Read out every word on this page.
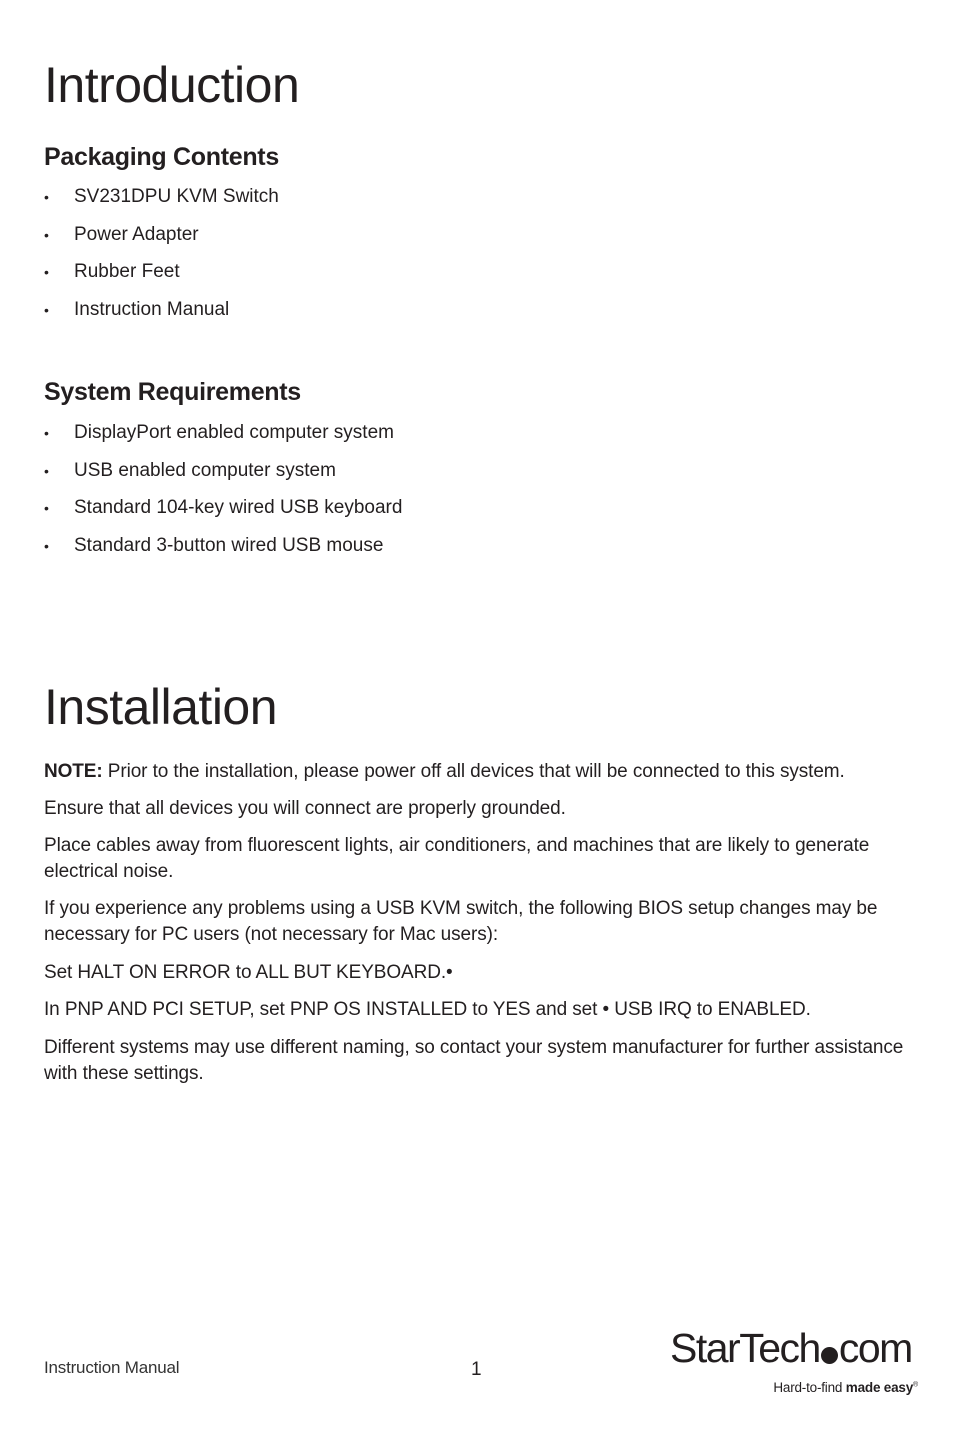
Introduction
Packaging Contents
• SV231DPU KVM Switch
• Power Adapter
• Rubber Feet
• Instruction Manual
System Requirements
• DisplayPort enabled computer system
• USB enabled computer system
• Standard 104-key wired USB keyboard
• Standard 3-button wired USB mouse
Installation

NOTE: Prior to the installation, please power off all devices that will be connected to this system.

Ensure that all devices you will connect are properly grounded.

Place cables away from fluorescent lights, air conditioners, and machines that are likely to generate electrical noise.

If you experience any problems using a USB KVM switch, the following BIOS setup changes may be necessary for PC users (not necessary for Mac users):

Set HALT ON ERROR to ALL BUT KEYBOARD.•

In PNP AND PCI SETUP, set PNP OS INSTALLED to YES and set • USB IRQ to ENABLED.

Different systems may use different naming, so contact your system manufacturer for further assistance with these settings.

Instruction Manual	1	StarTech com
Hard-to-find made easy®
